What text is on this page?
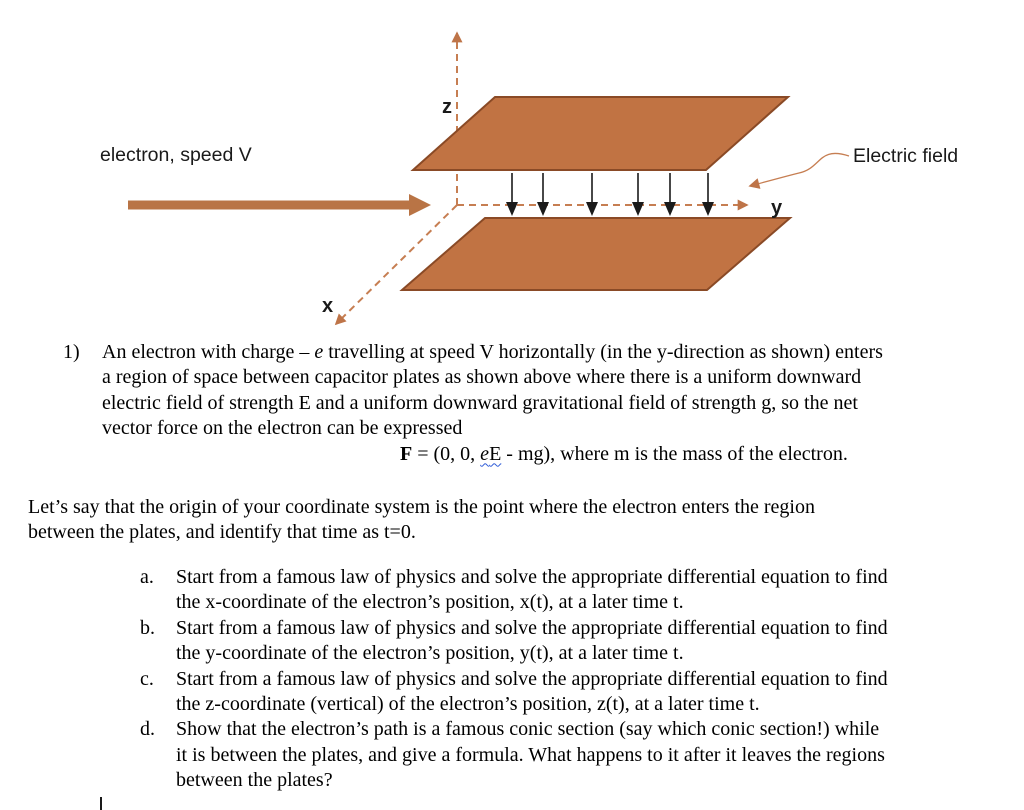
electron, speed V	Electric field
z
y
x
1)	An electron with charge – e travelling at speed V horizontally (in the y-direction as shown) enters
a region of space between capacitor plates as shown above where there is a uniform downward
electric field of strength E and a uniform downward gravitational field of strength g, so the net
vector force on the electron can be expressed
F = (0, 0, eE - mg), where m is the mass of the electron.
Let’s say that the origin of your coordinate system is the point where the electron enters the region
between the plates, and identify that time as t=0.
a.	Start from a famous law of physics and solve the appropriate differential equation to find
the x-coordinate of the electron’s position, x(t), at a later time t.
b.	Start from a famous law of physics and solve the appropriate differential equation to find
the y-coordinate of the electron’s position, y(t), at a later time t.
c.	Start from a famous law of physics and solve the appropriate differential equation to find
the z-coordinate (vertical) of the electron’s position, z(t), at a later time t.
d.	Show that the electron’s path is a famous conic section (say which conic section!) while
it is between the plates, and give a formula. What happens to it after it leaves the regions
between the plates?
